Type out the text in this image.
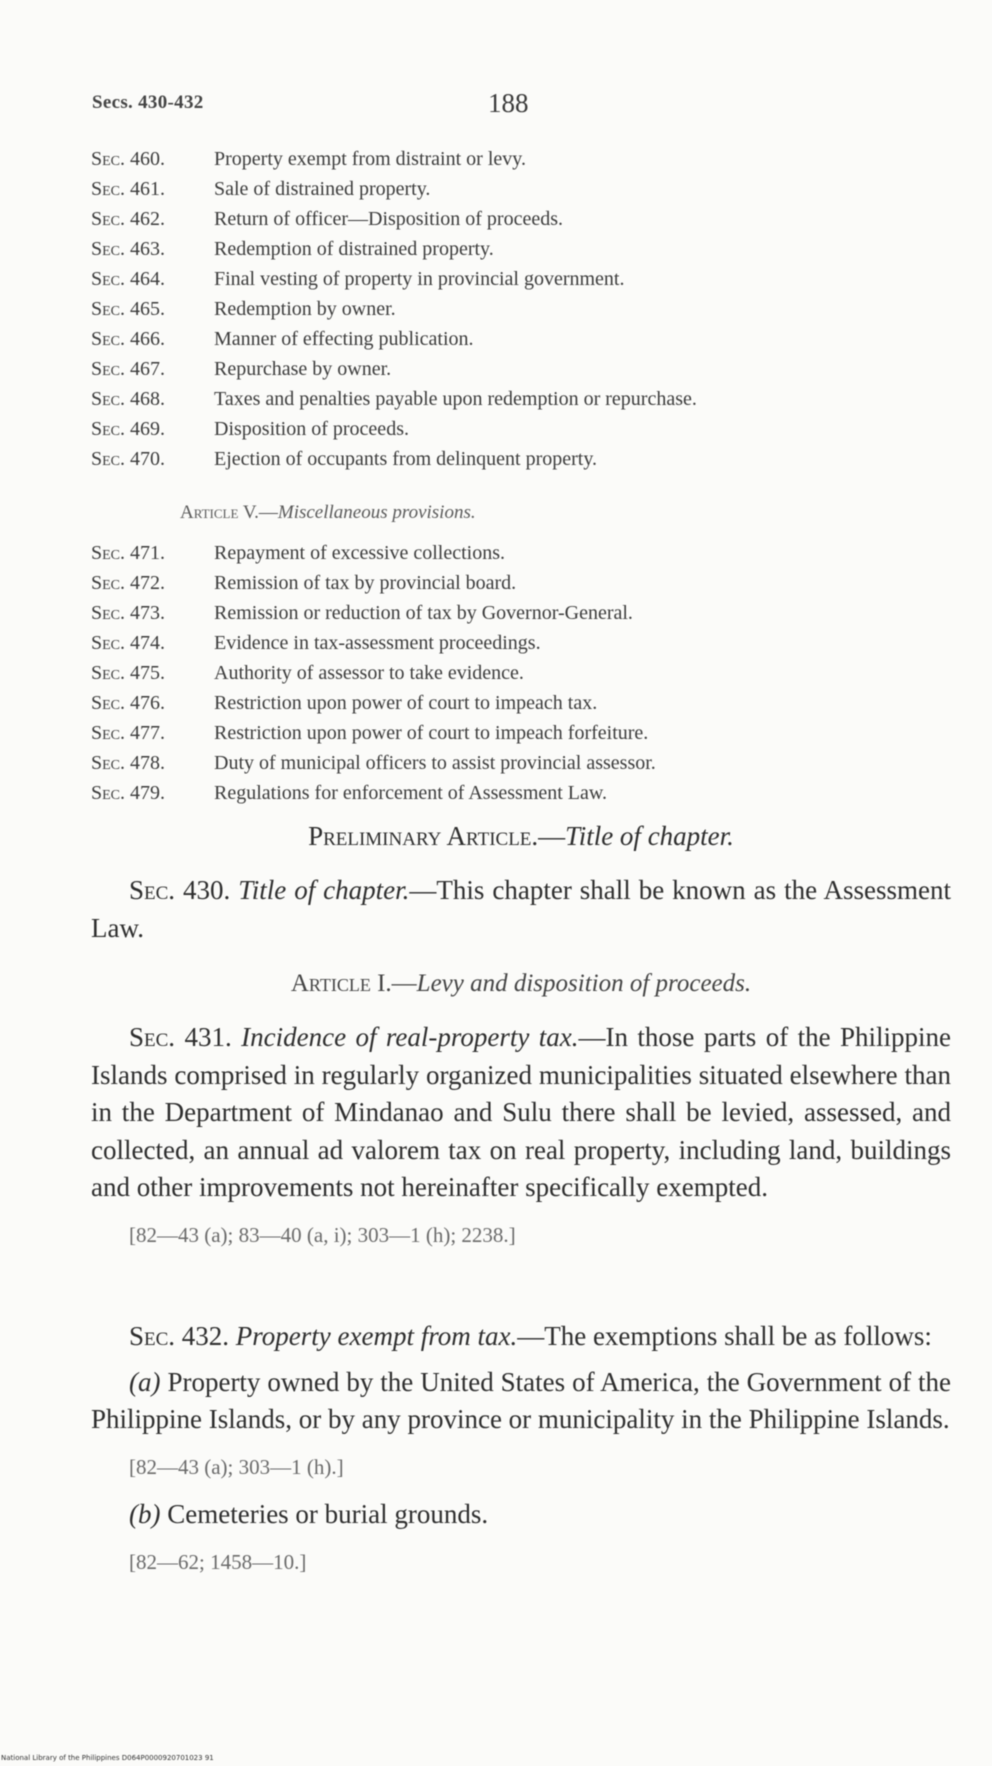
Secs. 430-432	188
Sec. 460. Property exempt from distraint or levy.
Sec. 461. Sale of distrained property.
Sec. 462. Return of officer—Disposition of proceeds.
Sec. 463. Redemption of distrained property.
Sec. 464. Final vesting of property in provincial government.
Sec. 465. Redemption by owner.
Sec. 466. Manner of effecting publication.
Sec. 467. Repurchase by owner.
Sec. 468. Taxes and penalties payable upon redemption or repurchase.
Sec. 469. Disposition of proceeds.
Sec. 470. Ejection of occupants from delinquent property.
Article V.—Miscellaneous provisions.
Sec. 471. Repayment of excessive collections.
Sec. 472. Remission of tax by provincial board.
Sec. 473. Remission or reduction of tax by Governor-General.
Sec. 474. Evidence in tax-assessment proceedings.
Sec. 475. Authority of assessor to take evidence.
Sec. 476. Restriction upon power of court to impeach tax.
Sec. 477. Restriction upon power of court to impeach forfeiture.
Sec. 478. Duty of municipal officers to assist provincial assessor.
Sec. 479. Regulations for enforcement of Assessment Law.

Preliminary Article.—Title of chapter.

Sec. 430. Title of chapter.—This chapter shall be known as the Assessment Law.

Article I.—Levy and disposition of proceeds.

Sec. 431. Incidence of real-property tax.—In those parts of the Philippine Islands comprised in regularly organized municipalities situated elsewhere than in the Department of Mindanao and Sulu there shall be levied, assessed, and collected, an annual ad valorem tax on real property, including land, buildings and other improvements not hereinafter specifically exempted.

[82—43 (a); 83—40 (a, i); 303—1 (h); 2238.]

Sec. 432. Property exempt from tax.—The exemptions shall be as follows:

(a) Property owned by the United States of America, the Government of the Philippine Islands, or by any province or municipality in the Philippine Islands.

[82—43 (a); 303—1 (h).]

(b) Cemeteries or burial grounds.

[82—62; 1458—10.]

National Library of the Philippines D064P0000920701023 91
